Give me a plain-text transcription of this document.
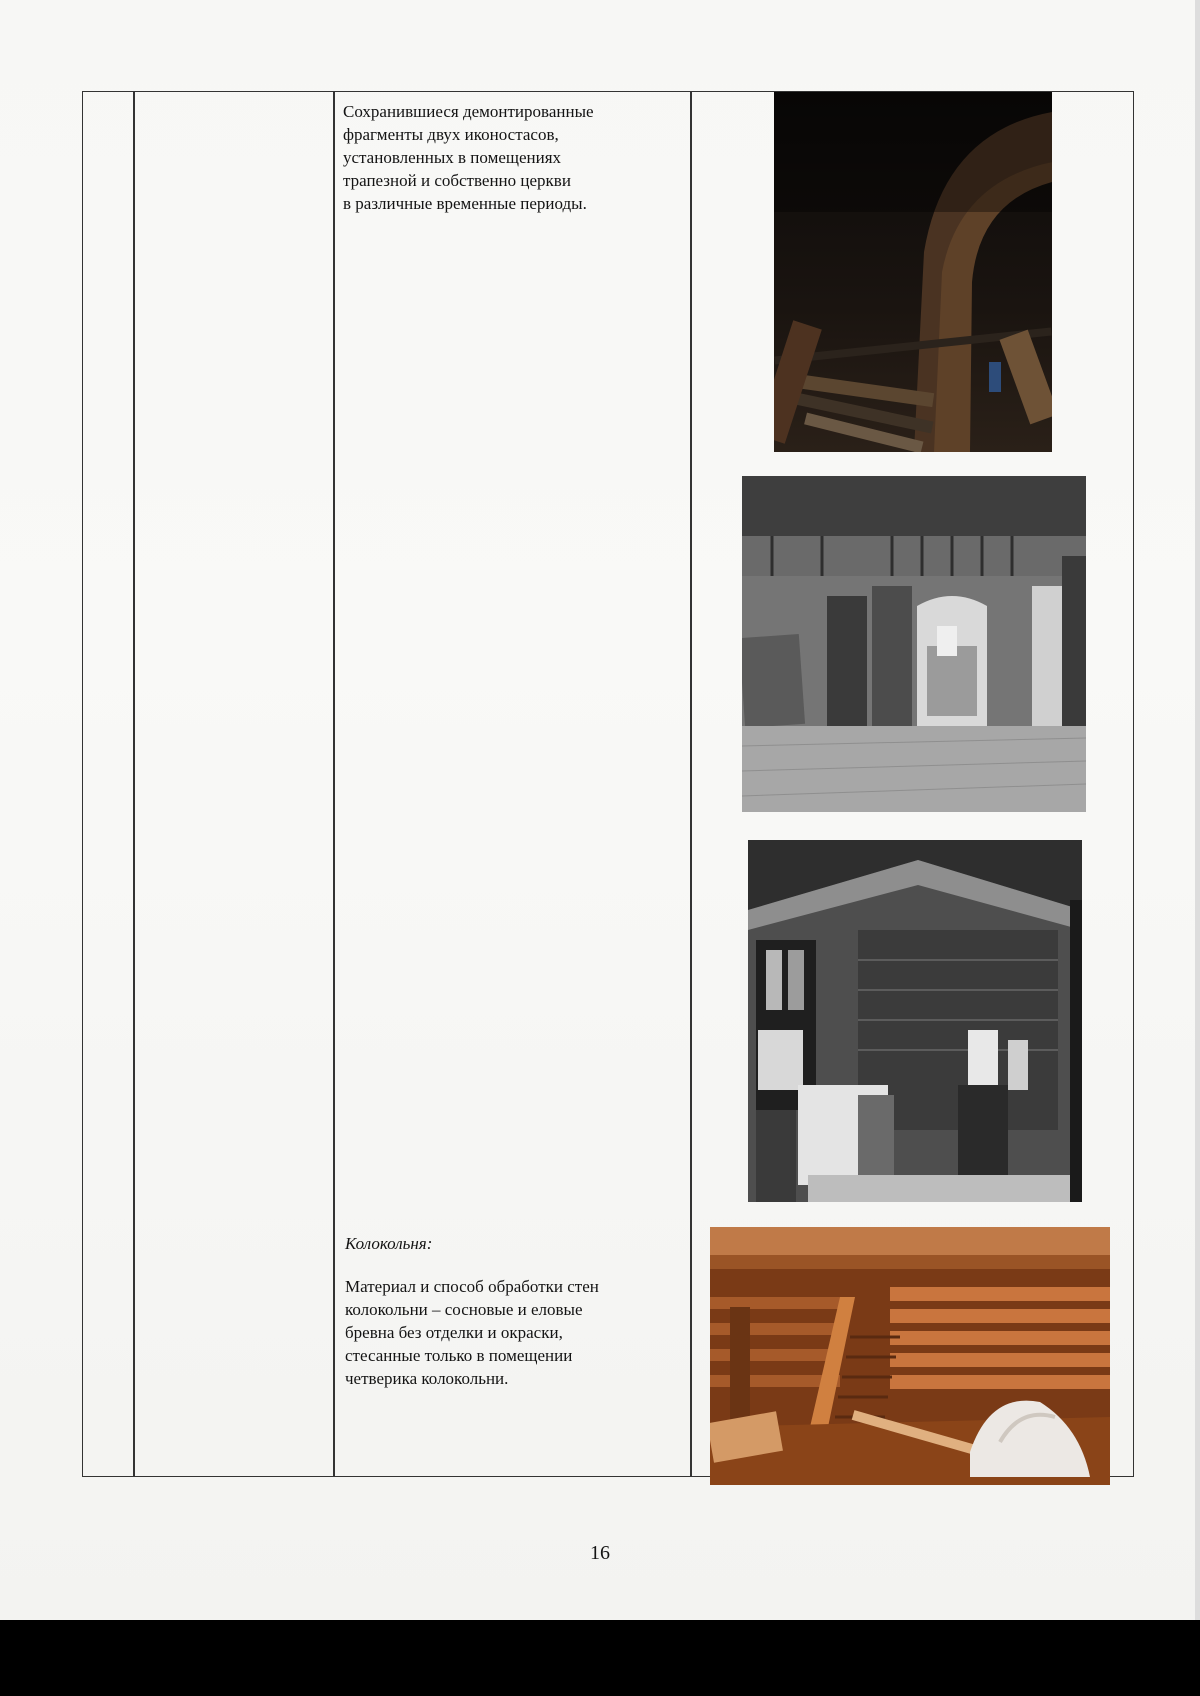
Сохранившиеся демонтированные
фрагменты двух иконостасов,
установленных в помещениях
трапезной и собственно церкви
в различные временные периоды.
Колокольня:
Материал и способ обработки стен
колокольни – сосновые и еловые
бревна без отделки и окраски,
стесанные только в помещении
четверика колокольни.
16
